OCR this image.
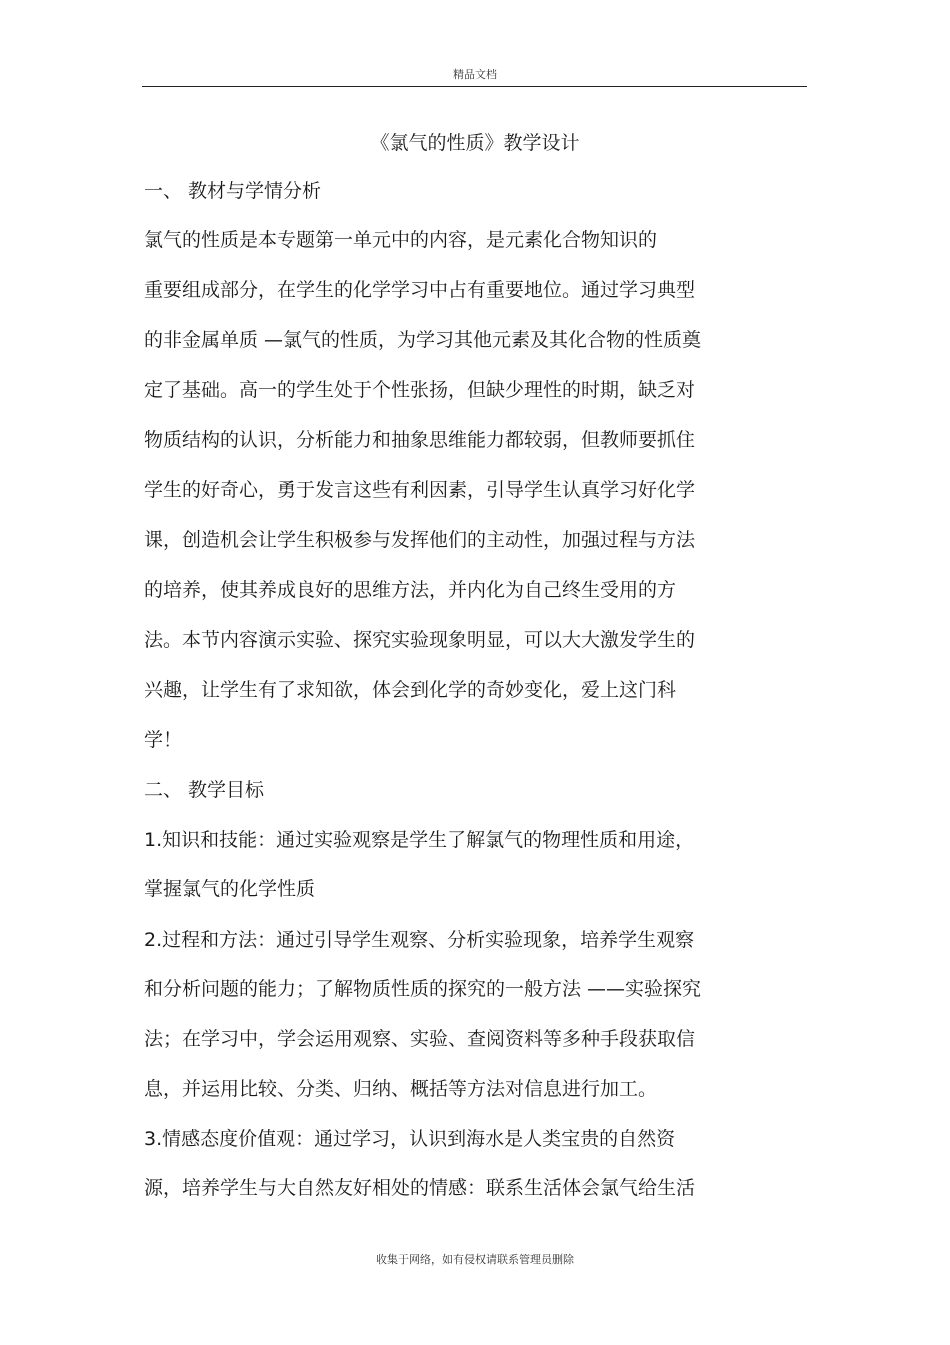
精品文档
《氯气的性质》教学设计
一、 教材与学情分析
氯气的性质是本专题第一单元中的内容，是元素化合物知识的
重要组成部分，在学生的化学学习中占有重要地位。通过学习典型
的非金属单质 —氯气的性质，为学习其他元素及其化合物的性质奠
定了基础。高一的学生处于个性张扬，但缺少理性的时期，缺乏对
物质结构的认识，分析能力和抽象思维能力都较弱，但教师要抓住
学生的好奇心，勇于发言这些有利因素，引导学生认真学习好化学
课，创造机会让学生积极参与发挥他们的主动性，加强过程与方法
的培养，使其养成良好的思维方法，并内化为自己终生受用的方
法。本节内容演示实验、探究实验现象明显，可以大大激发学生的
兴趣，让学生有了求知欲，体会到化学的奇妙变化，爱上这门科
学！
二、 教学目标
1.知识和技能：通过实验观察是学生了解氯气的物理性质和用途，
掌握氯气的化学性质
2.过程和方法：通过引导学生观察、分析实验现象，培养学生观察
和分析问题的能力；了解物质性质的探究的一般方法 ——实验探究
法；在学习中，学会运用观察、实验、查阅资料等多种手段获取信
息，并运用比较、分类、归纳、概括等方法对信息进行加工。
3.情感态度价值观：通过学习，认识到海水是人类宝贵的自然资
源，培养学生与大自然友好相处的情感：联系生活体会氯气给生活
收集于网络，如有侵权请联系管理员删除
